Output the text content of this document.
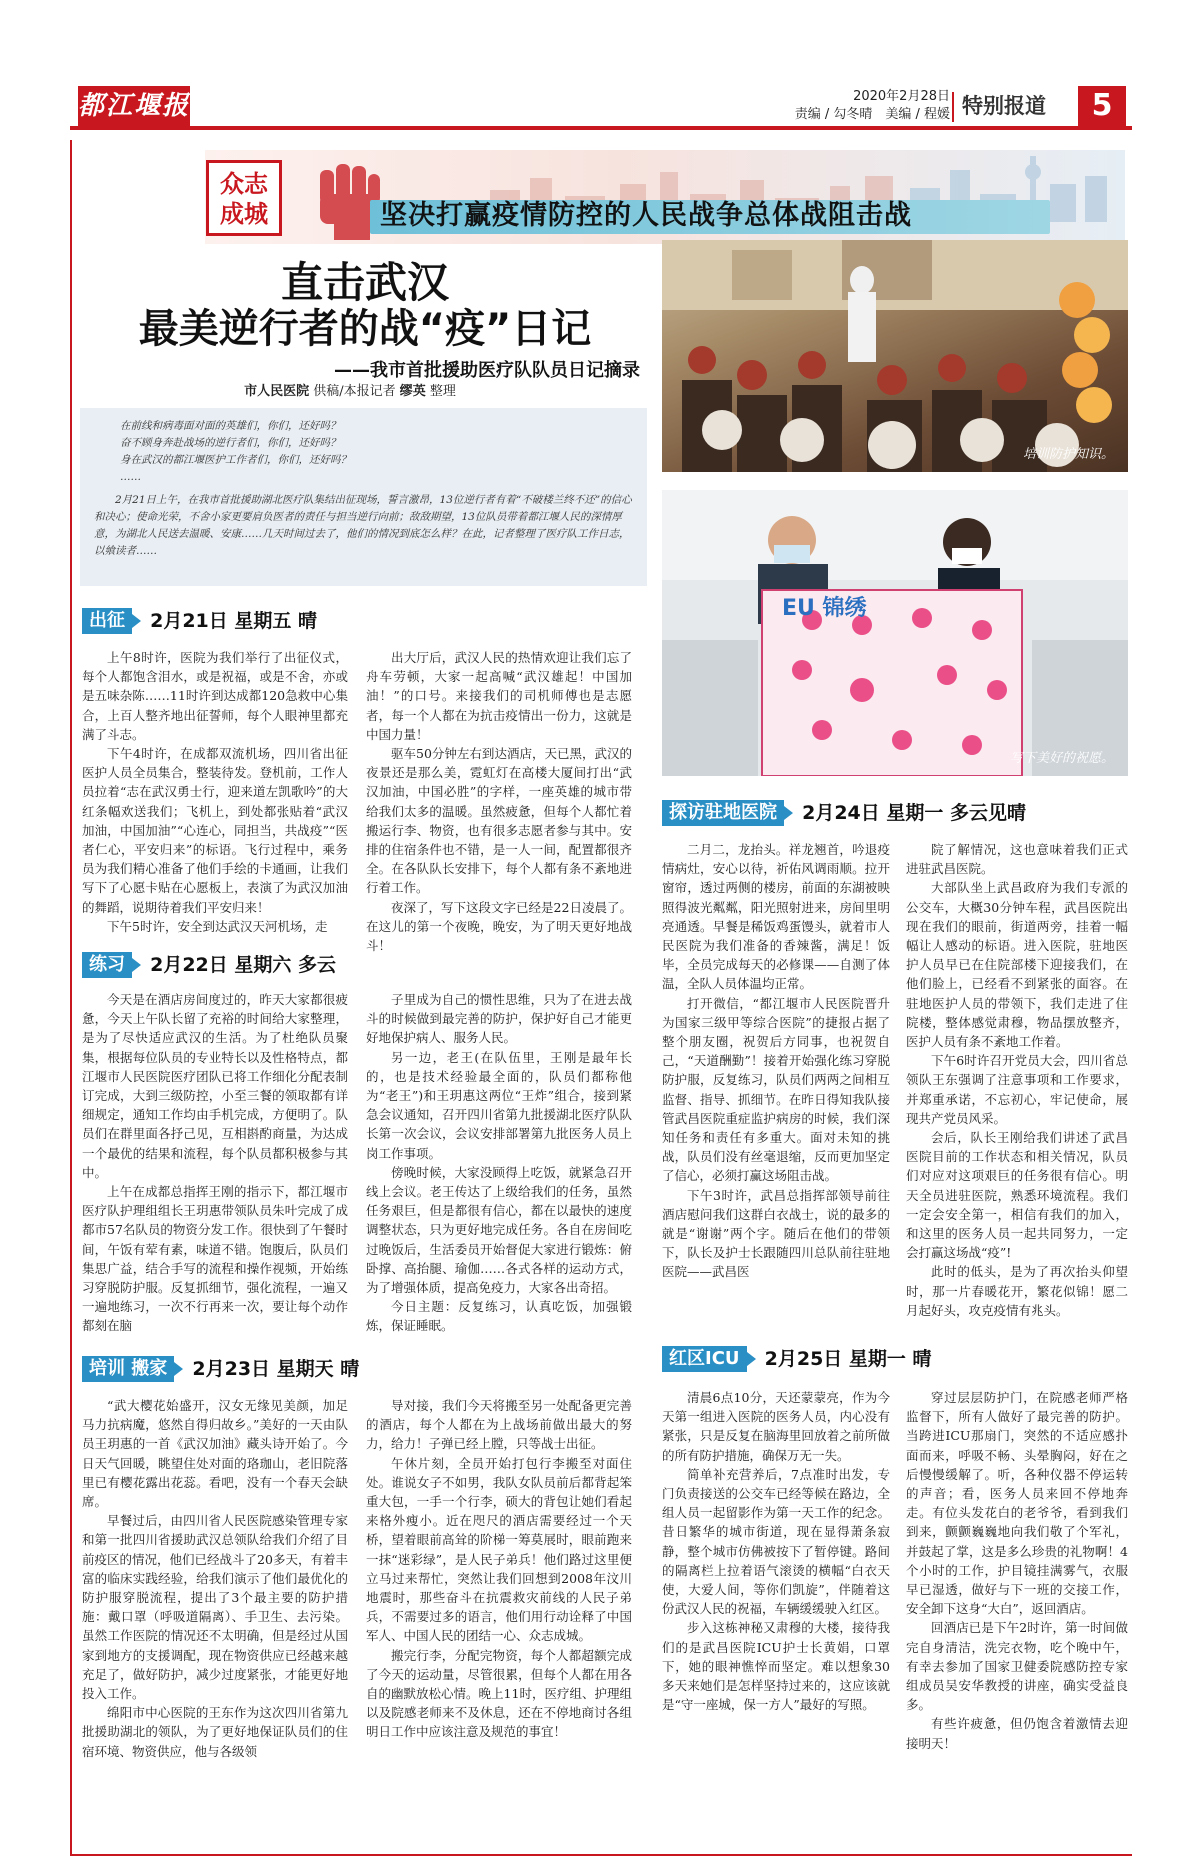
都江堰报	2020年2月28日
责编 / 勾冬晴　美编 / 程媛 特别报道	5
众志
成城	坚决打赢疫情防控的人民战争总体战阻击战
直击武汉
最美逆行者的战“疫”日记
——我市首批援助医疗队队员日记摘录
市人民医院 供稿/本报记者 缪英 整理

在前线和病毒面对面的英雄们，你们，还好吗？

奋不顾身奔赴战场的逆行者们，你们，还好吗？

身在武汉的都江堰医护工作者们，你们，还好吗？

……

2月21日上午，在我市首批援助湖北医疗队集结出征现场，誓言激昂，13位逆行者有着“不破楼兰终不还”的信心和决心；使命光荣，不舍小家更要肩负医者的责任与担当逆行向前；敌敌期望，13位队员带着都江堰人民的深情厚意，为湖北人民送去温暖、安康……几天时间过去了，他们的情况到底怎么样？在此，记者整理了医疗队工作日志，以飨读者……

培训防护知识。
EU 锦绣
写下美好的祝愿。
出征 2月21日 星期五 晴

上午8时许，医院为我们举行了出征仪式，每个人都饱含泪水，或是祝福，或是不舍，亦或是五味杂陈……11时许到达成都120急救中心集合，上百人整齐地出征誓师，每个人眼神里都充满了斗志。

下午4时许，在成都双流机场，四川省出征医护人员全员集合，整装待发。登机前，工作人员拉着“志在武汉勇士行，迎来道左凯歌吟”的大红条幅欢送我们；飞机上，到处都张贴着“武汉加油，中国加油”“心连心，同担当，共战疫”“医者仁心，平安归来”的标语。飞行过程中，乘务员为我们精心准备了他们手绘的卡通画，让我们写下了心愿卡贴在心愿板上，表演了为武汉加油的舞蹈，说期待着我们平安归来！

下午5时许，安全到达武汉天河机场，走

出大厅后，武汉人民的热情欢迎让我们忘了舟车劳顿，大家一起高喊“武汉雄起！中国加油！”的口号。来接我们的司机师傅也是志愿者，每一个人都在为抗击疫情出一份力，这就是中国力量！

驱车50分钟左右到达酒店，天已黑，武汉的夜景还是那么美，霓虹灯在高楼大厦间打出“武汉加油，中国必胜”的字样，一座英雄的城市带给我们太多的温暖。虽然疲惫，但每个人都忙着搬运行李、物资，也有很多志愿者参与其中。安排的住宿条件也不错，是一人一间，配置都很齐全。在各队队长安排下，每个人都有条不紊地进行着工作。

夜深了，写下这段文字已经是22日凌晨了。在这儿的第一个夜晚，晚安，为了明天更好地战斗！

练习 2月22日 星期六 多云

今天是在酒店房间度过的，昨天大家都很疲惫，今天上午队长留了充裕的时间给大家整理，是为了尽快适应武汉的生活。为了杜绝队员聚集，根据每位队员的专业特长以及性格特点，都江堰市人民医院医疗团队已将工作细化分配表制订完成，大到三级防控，小至三餐的领取都有详细规定，通知工作均由手机完成，方便明了。队员们在群里面各抒己见，互相斟酌商量，为达成一个最优的结果和流程，每个队员都积极参与其中。

上午在成都总指挥王刚的指示下，都江堰市医疗队护理组组长王玥惠带领队员朱叶完成了成都市57名队员的物资分发工作。很快到了午餐时间，午饭有荤有素，味道不错。饱腹后，队员们集思广益，结合手写的流程和操作视频，开始练习穿脱防护服。反复抓细节，强化流程，一遍又一遍地练习，一次不行再来一次，要让每个动作都刻在脑

子里成为自己的惯性思维，只为了在进去战斗的时候做到最完善的防护，保护好自己才能更好地保护病人、服务人民。

另一边，老王(在队伍里，王刚是最年长的，也是技术经验最全面的，队员们都称他为“老王”)和王玥惠这两位“王炸”组合，接到紧急会议通知，召开四川省第九批援湖北医疗队队长第一次会议，会议安排部署第九批医务人员上岗工作事项。

傍晚时候，大家没顾得上吃饭，就紧急召开线上会议。老王传达了上级给我们的任务，虽然任务艰巨，但是都很有信心，都在以最快的速度调整状态，只为更好地完成任务。各自在房间吃过晚饭后，生活委员开始督促大家进行锻炼：俯卧撑、高抬腿、瑜伽……各式各样的运动方式，为了增强体质，提高免疫力，大家各出奇招。

今日主题：反复练习，认真吃饭，加强锻炼，保证睡眠。

培训 搬家 2月23日 星期天 晴

“武大樱花始盛开，汉女无缘见美颜，加足马力抗病魔，悠然自得归故乡。”美好的一天由队员王玥惠的一首《武汉加油》藏头诗开始了。今日天气回暖，眺望住处对面的珞珈山，老旧院落里已有樱花露出花蕊。看吧，没有一个春天会缺席。

早餐过后，由四川省人民医院感染管理专家和第一批四川省援助武汉总领队给我们介绍了目前疫区的情况，他们已经战斗了20多天，有着丰富的临床实践经验，给我们演示了他们最优化的防护服穿脱流程，提出了3个最主要的防护措施：戴口罩（呼吸道隔离）、手卫生、去污染。虽然工作医院的情况还不太明确，但是经过从国家到地方的支援调配，现在物资供应已经越来越充足了，做好防护，减少过度紧张，才能更好地投入工作。

绵阳市中心医院的王东作为这次四川省第九批援助湖北的领队，为了更好地保证队员们的住宿环境、物资供应，他与各级领

导对接，我们今天将搬至另一处配备更完善的酒店，每个人都在为上战场前做出最大的努力，给力！子弹已经上膛，只等战士出征。

午休片刻，全员开始打包行李搬至对面住处。谁说女子不如男，我队女队员前后都背起笨重大包，一手一个行李，硕大的背包让她们看起来格外瘦小。近在咫尺的酒店需要经过一个天桥，望着眼前高耸的阶梯一筹莫展时，眼前跑来一抹“迷彩绿”，是人民子弟兵！他们路过这里便立马过来帮忙，突然让我们回想到2008年汶川地震时，那些奋斗在抗震救灾前线的人民子弟兵，不需要过多的语言，他们用行动诠释了中国军人、中国人民的团结一心、众志成城。

搬完行李，分配完物资，每个人都超额完成了今天的运动量，尽管很累，但每个人都在用各自的幽默放松心情。晚上11时，医疗组、护理组以及院感老师来不及休息，还在不停地商讨各组明日工作中应该注意及规范的事宜！

探访驻地医院 2月24日 星期一 多云见晴

二月二，龙抬头。祥龙翘首，吟退疫情病灶，安心以待，祈佑风调雨顺。拉开窗帘，透过两侧的楼房，前面的东湖被映照得波光粼粼，阳光照射进来，房间里明亮通透。早餐是稀饭鸡蛋馒头，就着市人民医院为我们准备的香辣酱，满足！饭毕，全员完成每天的必修课——自测了体温，全队人员体温均正常。

打开微信，“都江堰市人民医院晋升为国家三级甲等综合医院”的捷报占据了整个朋友圈，祝贺后方同事，也祝贺自己，“天道酬勤”！接着开始强化练习穿脱防护服，反复练习，队员们两两之间相互监督、指导、抓细节。在昨日得知我队接管武昌医院重症监护病房的时候，我们深知任务和责任有多重大。面对未知的挑战，队员们没有丝毫退缩，反而更加坚定了信心，必须打赢这场阻击战。

下午3时许，武昌总指挥部领导前往酒店慰问我们这群白衣战士，说的最多的就是“谢谢”两个字。随后在他们的带领下，队长及护士长跟随四川总队前往驻地医院——武昌医

院了解情况，这也意味着我们正式进驻武昌医院。

大部队坐上武昌政府为我们专派的公交车，大概30分钟车程，武昌医院出现在我们的眼前，街道两旁，挂着一幅幅让人感动的标语。进入医院，驻地医护人员早已在住院部楼下迎接我们，在他们脸上，已经看不到紧张的面容。在驻地医护人员的带领下，我们走进了住院楼，整体感觉肃穆，物品摆放整齐，医护人员有条不紊地工作着。

下午6时许召开党员大会，四川省总领队王东强调了注意事项和工作要求，并郑重承诺，不忘初心，牢记使命，展现共产党员风采。

会后，队长王刚给我们讲述了武昌医院目前的工作状态和相关情况，队员们对应对这项艰巨的任务很有信心。明天全员进驻医院，熟悉环境流程。我们一定会安全第一，相信有我们的加入，和这里的医务人员一起共同努力，一定会打赢这场战“疫”!

此时的低头，是为了再次抬头仰望时，那一片春暖花开，繁花似锦！愿二月起好头，攻克疫情有兆头。

红区ICU 2月25日 星期一 晴

清晨6点10分，天还蒙蒙亮，作为今天第一组进入医院的医务人员，内心没有紧张，只是反复在脑海里回放着之前所做的所有防护措施，确保万无一失。

简单补充营养后，7点准时出发，专门负责接送的公交车已经等候在路边，全组人员一起留影作为第一天工作的纪念。昔日繁华的城市街道，现在显得萧条寂静，整个城市仿佛被按下了暂停键。路间的隔离栏上拉着语气滚烫的横幅“白衣天使，大爱人间，等你们凯旋”，伴随着这份武汉人民的祝福，车辆缓缓驶入红区。

步入这栋神秘又肃穆的大楼，接待我们的是武昌医院ICU护士长黄娟，口罩下，她的眼神憔悴而坚定。难以想象30多天来她们是怎样坚持过来的，这应该就是“守一座城，保一方人”最好的写照。

穿过层层防护门，在院感老师严格监督下，所有人做好了最完善的防护。当跨进ICU那扇门，突然的不适应感扑面而来，呼吸不畅、头晕胸闷，好在之后慢慢缓解了。听，各种仪器不停运转的声音；看，医务人员来回不停地奔走。有位头发花白的老爷爷，看到我们到来，颤颤巍巍地向我们敬了个军礼，并鼓起了掌，这是多么珍贵的礼物啊！4个小时的工作，护目镜挂满雾气，衣服早已湿透，做好与下一班的交接工作，安全卸下这身“大白”，返回酒店。

回酒店已是下午2时许，第一时间做完自身清洁，洗完衣物，吃个晚中午，有幸去参加了国家卫健委院感防控专家组成员吴安华教授的讲座，确实受益良多。

有些许疲惫，但仍饱含着激情去迎接明天！
